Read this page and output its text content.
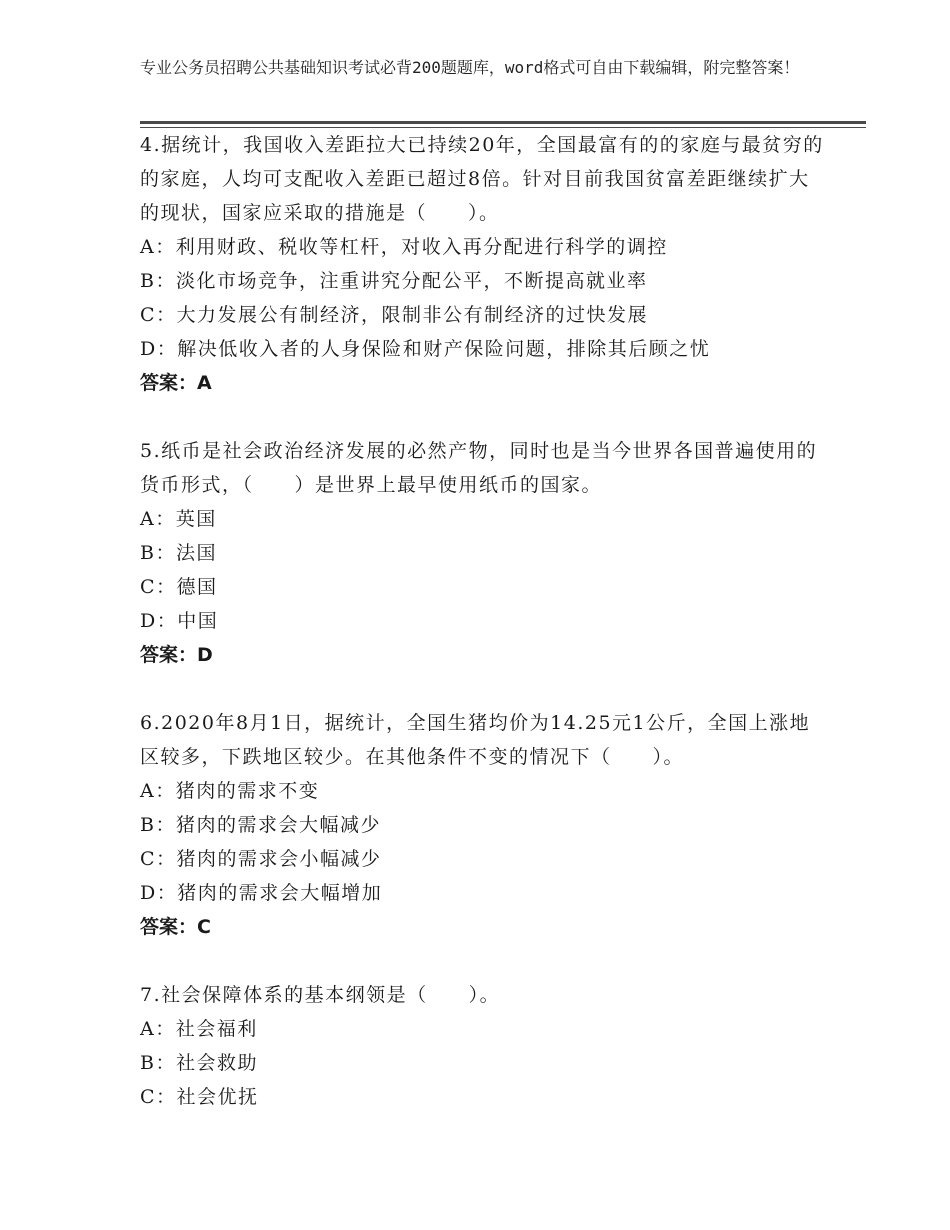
专业公务员招聘公共基础知识考试必背200题题库，word格式可自由下载编辑，附完整答案！
4.据统计，我国收入差距拉大已持续20年，全国最富有的的家庭与最贫穷的的家庭，人均可支配收入差距已超过8倍。针对目前我国贫富差距继续扩大的现状，国家应采取的措施是（　　）。
A：利用财政、税收等杠杆，对收入再分配进行科学的调控
B：淡化市场竞争，注重讲究分配公平，不断提高就业率
C：大力发展公有制经济，限制非公有制经济的过快发展
D：解决低收入者的人身保险和财产保险问题，排除其后顾之忧
答案：A
5.纸币是社会政治经济发展的必然产物，同时也是当今世界各国普遍使用的货币形式，（　　）是世界上最早使用纸币的国家。
A：英国
B：法国
C：德国
D：中国
答案：D
6.2020年8月1日，据统计，全国生猪均价为14.25元1公斤，全国上涨地区较多，下跌地区较少。在其他条件不变的情况下（　　）。
A：猪肉的需求不变
B：猪肉的需求会大幅减少
C：猪肉的需求会小幅减少
D：猪肉的需求会大幅增加
答案：C
7.社会保障体系的基本纲领是（　　）。
A：社会福利
B：社会救助
C：社会优抚
